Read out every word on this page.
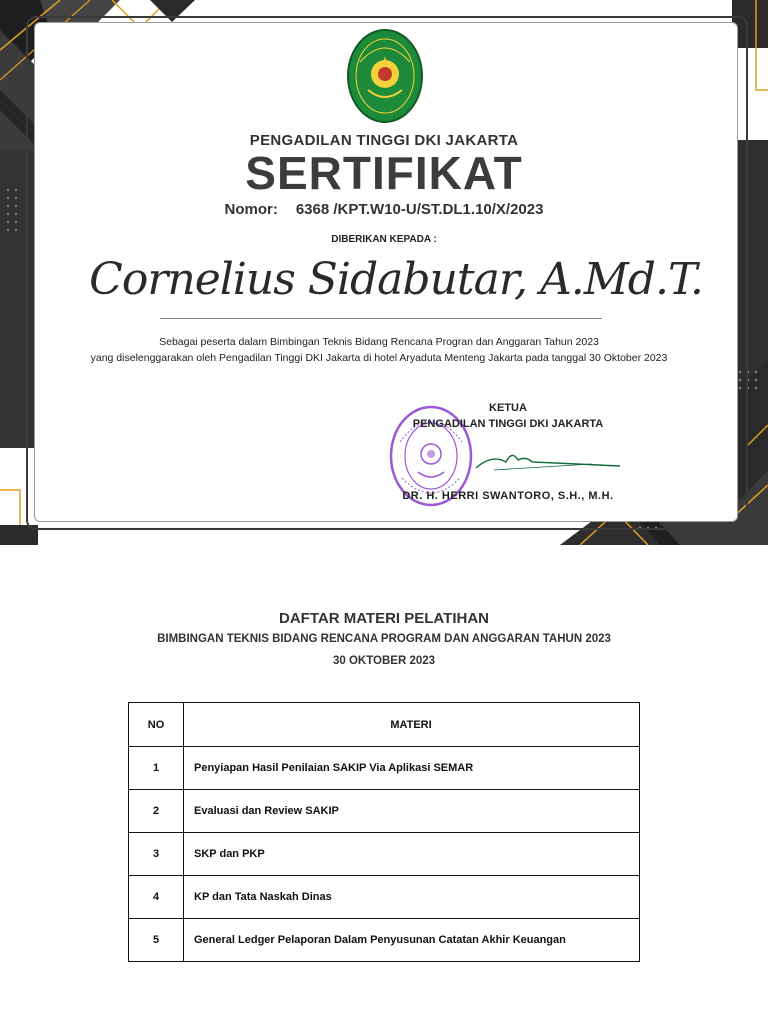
PENGADILAN TINGGI DKI JAKARTA
SERTIFIKAT
Nomor: 6368 /KPT.W10-U/ST.DL1.10/X/2023
DIBERIKAN KEPADA :
Cornelius Sidabutar, A.Md.T.
Sebagai peserta dalam Bimbingan Teknis Bidang Rencana Progran dan Anggaran Tahun 2023
yang diselenggarakan oleh Pengadilan Tinggi DKI Jakarta di hotel Aryaduta Menteng Jakarta pada tanggal 30 Oktober 2023
KETUA
PENGADILAN TINGGI DKI JAKARTA
DR. H. HERRI SWANTORO, S.H., M.H.
DAFTAR MATERI PELATIHAN
BIMBINGAN TEKNIS BIDANG RENCANA PROGRAM DAN ANGGARAN TAHUN 2023
30 OKTOBER 2023
NO	MATERI
1	Penyiapan Hasil Penilaian SAKIP Via Aplikasi SEMAR
2	Evaluasi dan Review SAKIP
3	SKP dan PKP
4	KP dan Tata Naskah Dinas
5	General Ledger Pelaporan Dalam Penyusunan Catatan Akhir Keuangan
